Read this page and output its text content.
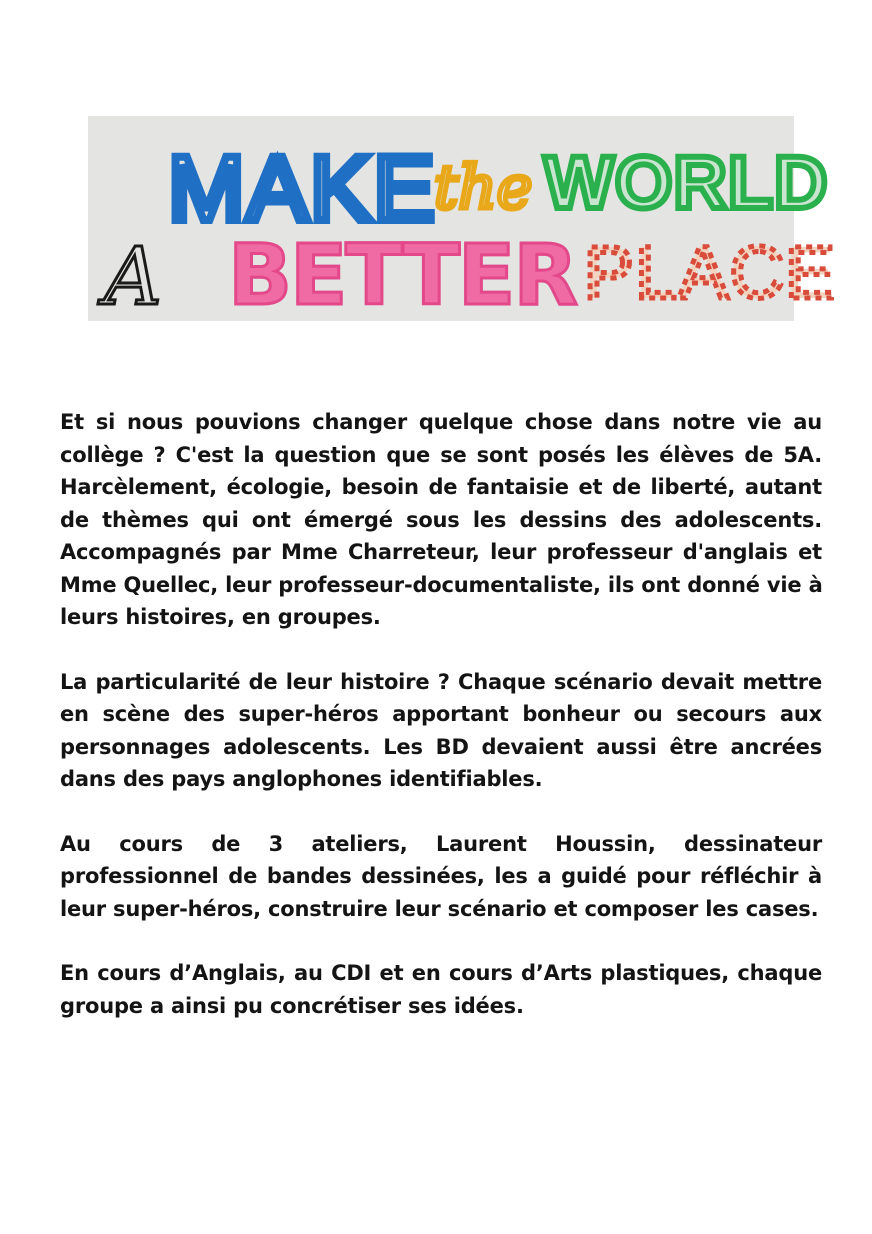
MAKE
the WORLD
A BETTER PLACE

Et si nous pouvions changer quelque chose dans notre vie au
collège ? C'est la question que se sont posés les élèves de 5A.
Harcèlement, écologie, besoin de fantaisie et de liberté, autant
de thèmes qui ont émergé sous les dessins des adolescents.
Accompagnés par Mme Charreteur, leur professeur d'anglais et
Mme Quellec, leur professeur-documentaliste, ils ont donné vie à
leurs histoires, en groupes.

La particularité de leur histoire ? Chaque scénario devait mettre
en scène des super-héros apportant bonheur ou secours aux
personnages adolescents. Les BD devaient aussi être ancrées
dans des pays anglophones identifiables.

Au cours de 3 ateliers, Laurent Houssin, dessinateur
professionnel de bandes dessinées, les a guidé pour réfléchir à
leur super-héros, construire leur scénario et composer les cases.

En cours d’Anglais, au CDI et en cours d’Arts plastiques, chaque
groupe a ainsi pu concrétiser ses idées.
